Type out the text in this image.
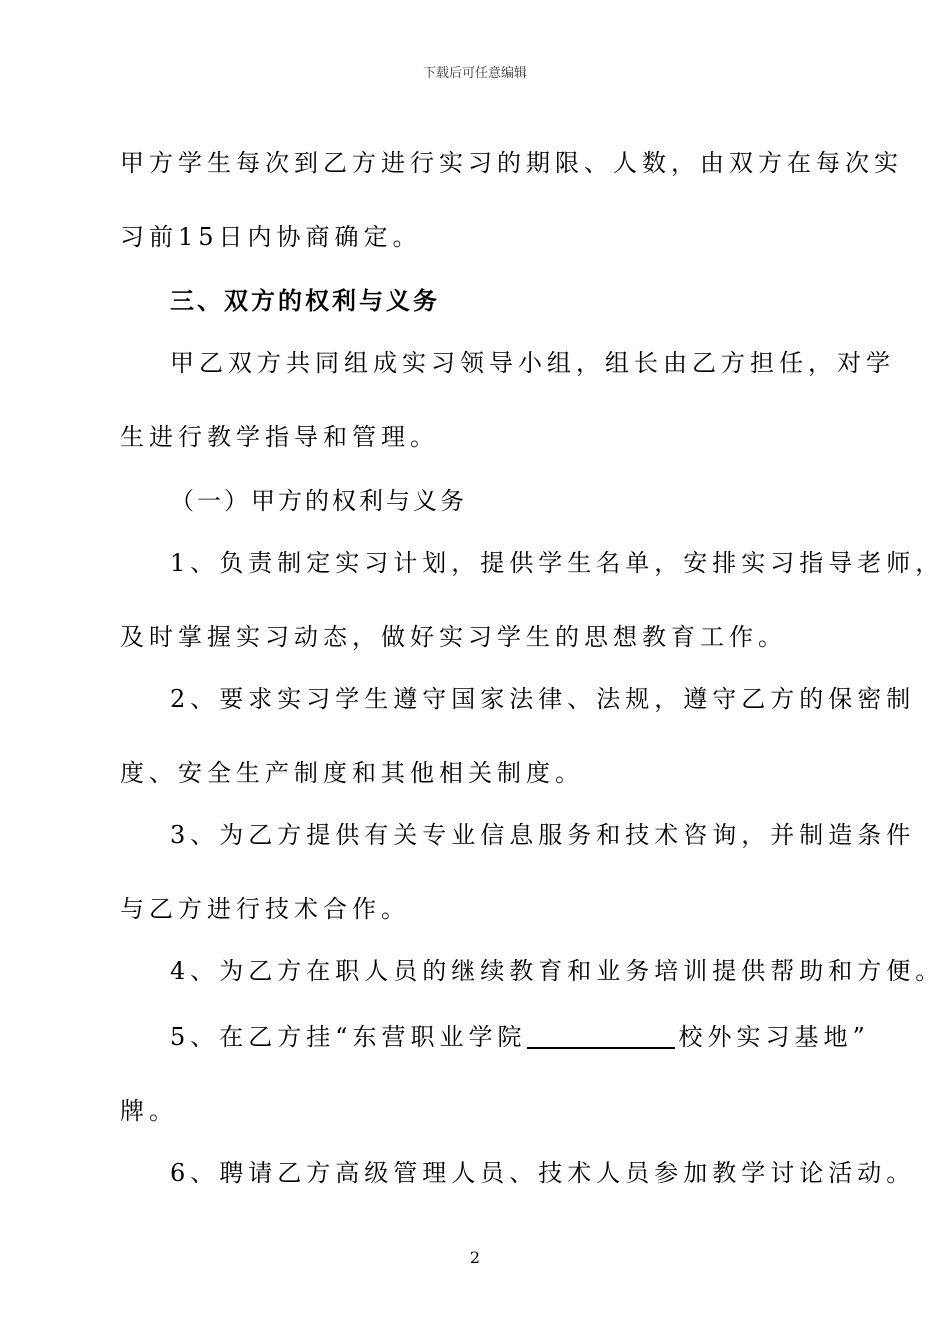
下载后可任意编辑
甲方学生每次到乙方进行实习的期限、人数，由双方在每次实
习前15日内协商确定。
三、双方的权利与义务
甲乙双方共同组成实习领导小组，组长由乙方担任，对学
生进行教学指导和管理。
（一）甲方的权利与义务
1、负责制定实习计划，提供学生名单，安排实习指导老师，
及时掌握实习动态，做好实习学生的思想教育工作。
2、要求实习学生遵守国家法律、法规，遵守乙方的保密制
度、安全生产制度和其他相关制度。
3、为乙方提供有关专业信息服务和技术咨询，并制造条件
与乙方进行技术合作。
4、为乙方在职人员的继续教育和业务培训提供帮助和方便。
5、在乙方挂“东营职业学院	校外实习基地”
牌。
6、聘请乙方高级管理人员、技术人员参加教学讨论活动。
2
